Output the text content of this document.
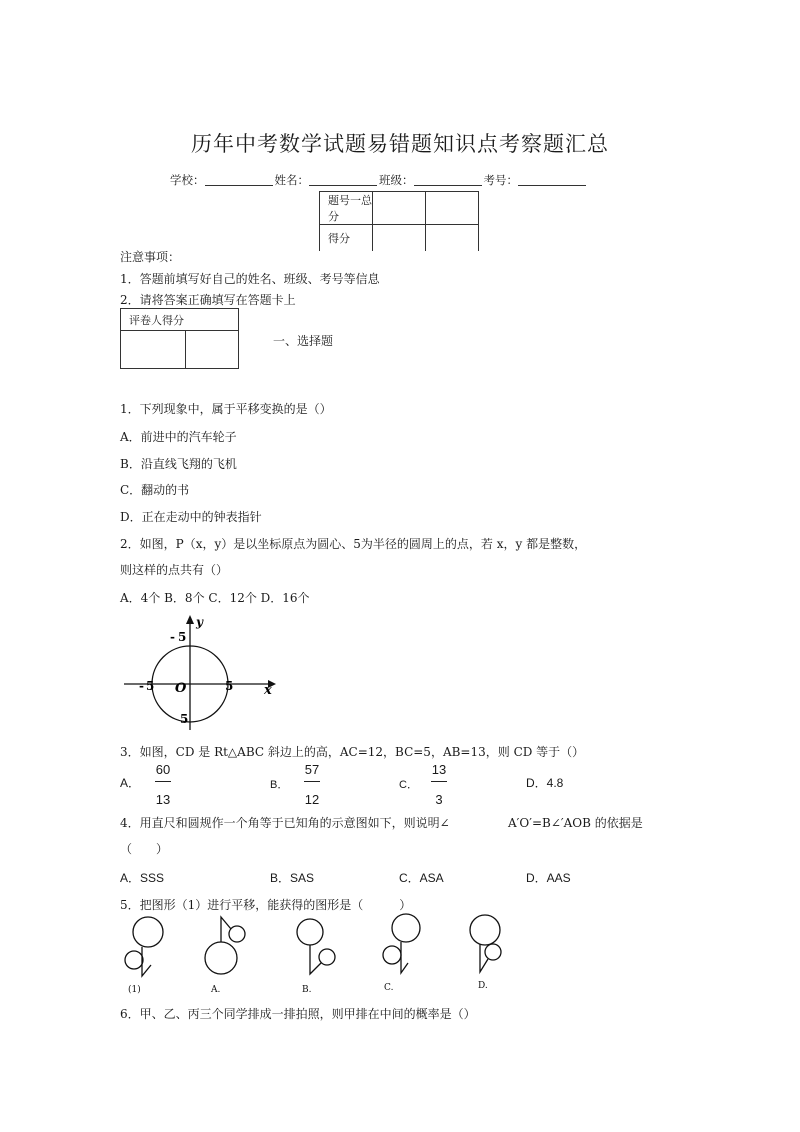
历年中考数学试题易错题知识点考察题汇总
学校：	姓名：	班级：	考号：
题号一总分		
得分		
注意事项：
1．答题前填写好自己的姓名、班级、考号等信息
2．请将答案正确填写在答题卡上
评卷人得分

一、选择题
1．下列现象中，属于平移变换的是（）
A．前进中的汽车轮子
B．沿直线飞翔的飞机
C．翻动的书
D．正在走动中的钟表指针
2．如图，P（x，y）是以坐标原点为圆心、5为半径的圆周上的点，若 x，y 都是整数，
则这样的点共有（）
A．4个 B．8个 C．12个 D．16个
y
x
O
- 5
- 5	5
5
3．如图，CD 是 Rt△ABC 斜边上的高，AC=12，BC=5，AB=13，则 CD 等于（）
A．
60
13
B．
57
12
C．
13
3
D．4.8
4．用直尺和圆规作一个角等于已知角的示意图如下，则说明∠	A′O′=B∠′AOB 的依据是
（　　）
A．SSS	B．SAS	C．ASA	D．AAS
5．把图形（1）进行平移，能获得的图形是（　　　）
(1)	A.	B.	C.	D.
6．甲、乙、丙三个同学排成一排拍照，则甲排在中间的概率是（）
